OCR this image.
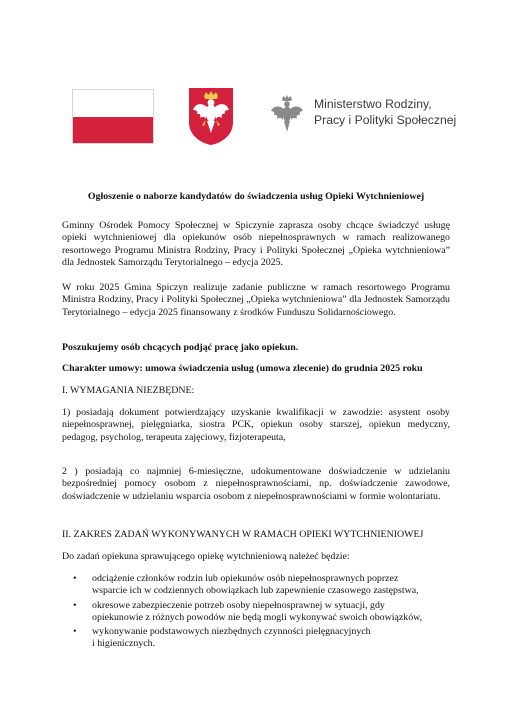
Ministerstwo Rodziny,
Pracy i Polityki Społecznej
Ogłoszenie o naborze kandydatów do świadczenia usług Opieki Wytchnieniowej
Gminny Ośrodek Pomocy Społecznej w Spiczynie zaprasza osoby chcące świadczyć usługę opieki wytchnieniowej dla opiekunów osób niepełnosprawnych w ramach realizowanego resortowego Programu Ministra Rodziny, Pracy i Polityki Społecznej „Opieka wytchnieniowa” dla Jednostek Samorządu Terytorialnego – edycja 2025.
W roku 2025 Gmina Spiczyn realizuje zadanie publiczne w ramach resortowego Programu Ministra Rodziny, Pracy i Polityki Społecznej „Opieka wytchnieniowa” dla Jednostek Samorządu Terytorialnego – edycja 2025 finansowany z środków Funduszu Solidarnościowego.
Poszukujemy osób chcących podjąć pracę jako opiekun.
Charakter umowy: umowa świadczenia usług (umowa zlecenie) do grudnia 2025 roku
I. WYMAGANIA NIEZBĘDNE:
1) posiadają dokument potwierdzający uzyskanie kwalifikacji w zawodzie: asystent osoby niepełnosprawnej, pielęgniarka, siostra PCK, opiekun osoby starszej, opiekun medyczny, pedagog, psycholog, terapeuta zajęciowy, fizjoterapeuta,
2 ) posiadają co najmniej 6-miesięczne, udokumentowane doświadczenie w udzielaniu bezpośredniej pomocy osobom z niepełnosprawnościami, np. doświadczenie zawodowe, doświadczenie w udzielaniu wsparcia osobom z niepełnosprawnościami w formie wolontariatu.
II. ZAKRES ZADAŃ WYKONYWANYCH W RAMACH OPIEKI WYTCHNIENIOWEJ
Do zadań opiekuna sprawującego opiekę wytchnieniową należeć będzie:
• odciążenie członków rodzin lub opiekunów osób niepełnosprawnych poprzez
wsparcie ich w codziennych obowiązkach lub zapewnienie czasowego zastępstwa,
• okresowe zabezpieczenie potrzeb osoby niepełnosprawnej w sytuacji, gdy
opiekunowie z różnych powodów nie będą mogli wykonywać swoich obowiązków,
• wykonywanie podstawowych niezbędnych czynności pielęgnacyjnych
i higienicznych.
